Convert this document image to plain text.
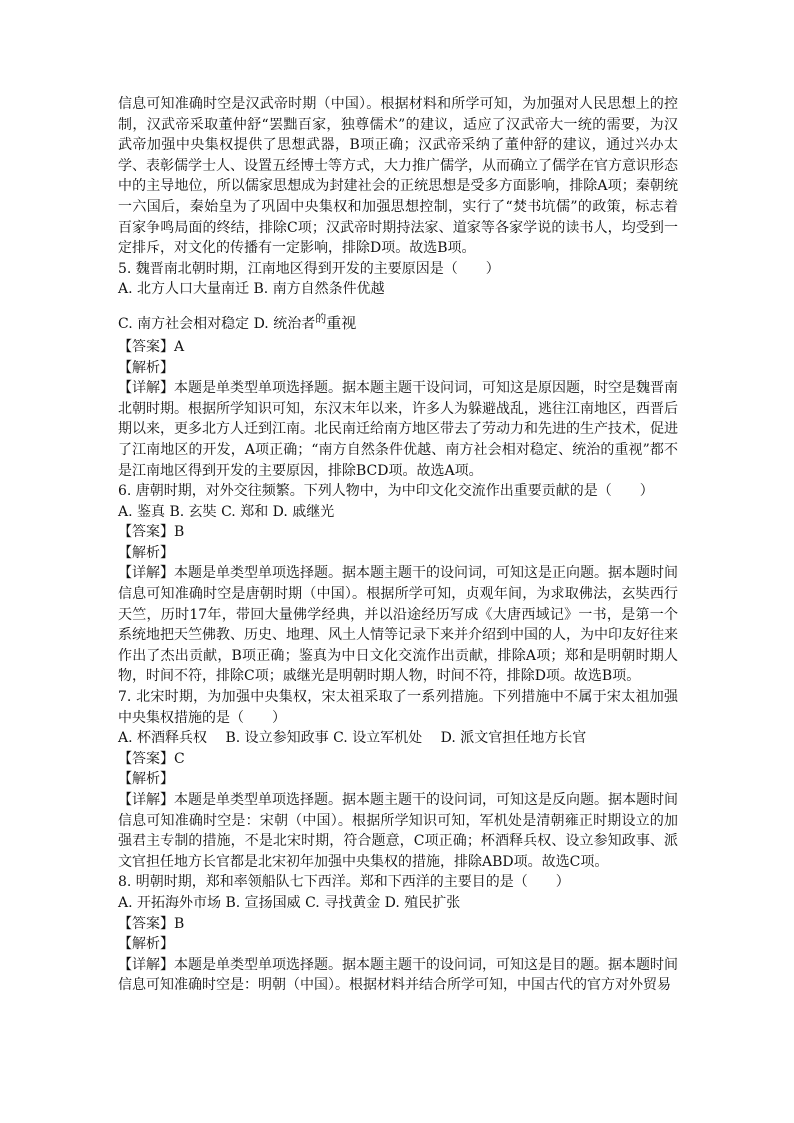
信息可知准确时空是汉武帝时期（中国）。根据材料和所学可知，为加强对人民思想上的控制，汉武帝采取董仲舒“罢黜百家，独尊儒术”的建议，适应了汉武帝大一统的需要，为汉武帝加强中央集权提供了思想武器，B项正确；汉武帝采纳了董仲舒的建议，通过兴办太学、表彰儒学士人、设置五经博士等方式，大力推广儒学，从而确立了儒学在官方意识形态中的主导地位，所以儒家思想成为封建社会的正统思想是受多方面影响，排除A项；秦朝统一六国后，秦始皇为了巩固中央集权和加强思想控制，实行了“焚书坑儒”的政策，标志着百家争鸣局面的终结，排除C项；汉武帝时期持法家、道家等各家学说的读书人，均受到一定排斥，对文化的传播有一定影响，排除D项。故选B项。

5. 魏晋南北朝时期，江南地区得到开发的主要原因是（　　）

A. 北方人口大量南迁 B. 南方自然条件优越

C. 南方社会相对稳定 D. 统治者$^的$重视

【答案】A

【解析】

【详解】本题是单类型单项选择题。据本题主题干设问词，可知这是原因题，时空是魏晋南北朝时期。根据所学知识可知，东汉末年以来，许多人为躲避战乱，逃往江南地区，西晋后期以来，更多北方人迁到江南。北民南迁给南方地区带去了劳动力和先进的生产技术，促进了江南地区的开发，A项正确；“南方自然条件优越、南方社会相对稳定、统治的重视”都不是江南地区得到开发的主要原因，排除BCD项。故选A项。

6. 唐朝时期，对外交往频繁。下列人物中，为中印文化交流作出重要贡献的是（　　）

A. 鉴真 B. 玄奘 C. 郑和 D. 戚继光

【答案】B

【解析】

【详解】本题是单类型单项选择题。据本题主题干的设问词，可知这是正向题。据本题时间信息可知准确时空是唐朝时期（中国）。根据所学可知，贞观年间，为求取佛法，玄奘西行天竺，历时17年，带回大量佛学经典，并以沿途经历写成《大唐西域记》一书，是第一个系统地把天竺佛教、历史、地理、风土人情等记录下来并介绍到中国的人，为中印友好往来作出了杰出贡献，B项正确；鉴真为中日文化交流作出贡献，排除A项；郑和是明朝时期人物，时间不符，排除C项；戚继光是明朝时期人物，时间不符，排除D项。故选B项。

7. 北宋时期，为加强中央集权，宋太祖采取了一系列措施。下列措施中不属于宋太祖加强中央集权措施的是（　　）

A. 杯酒释兵权　 B. 设立参知政事 C. 设立军机处　 D. 派文官担任地方长官

【答案】C

【解析】

【详解】本题是单类型单项选择题。据本题主题干的设问词，可知这是反向题。据本题时间信息可知准确时空是：宋朝（中国）。根据所学知识可知，军机处是清朝雍正时期设立的加强君主专制的措施，不是北宋时期，符合题意，C项正确；杯酒释兵权、设立参知政事、派文官担任地方长官都是北宋初年加强中央集权的措施，排除ABD项。故选C项。

8. 明朝时期，郑和率领船队七下西洋。郑和下西洋的主要目的是（　　）

A. 开拓海外市场 B. 宣扬国威 C. 寻找黄金 D. 殖民扩张

【答案】B

【解析】

【详解】本题是单类型单项选择题。据本题主题干的设问词，可知这是目的题。据本题时间信息可知准确时空是：明朝（中国）。根据材料并结合所学可知，中国古代的官方对外贸易
